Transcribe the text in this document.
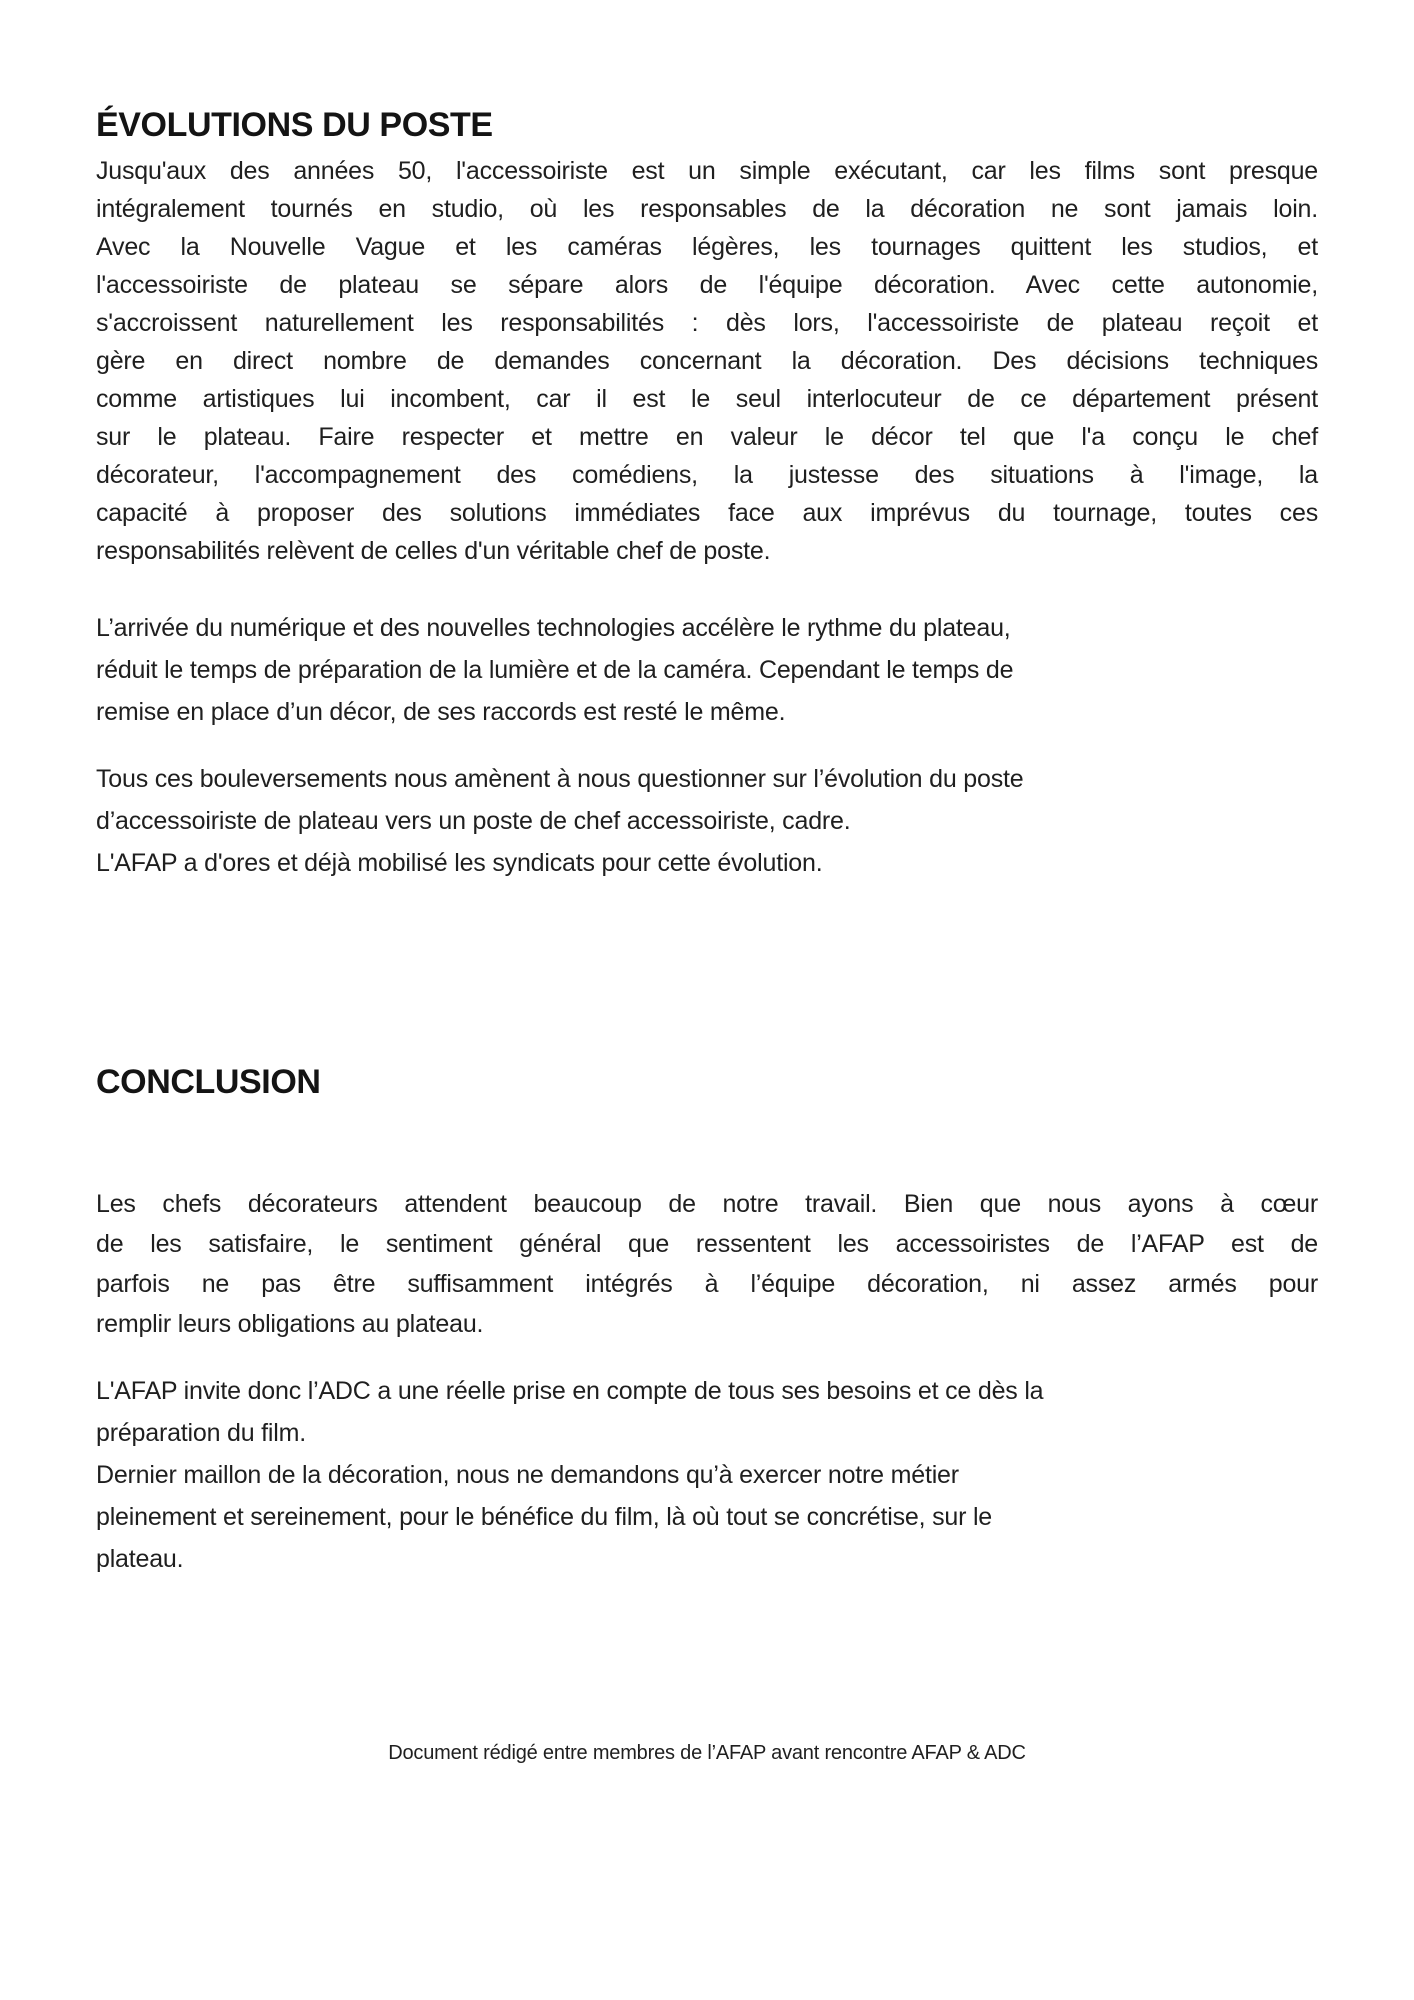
ÉVOLUTIONS DU POSTE
Jusqu'aux des années 50, l'accessoiriste est un simple exécutant, car les films sont presque
intégralement tournés en studio, où les responsables de la décoration ne sont jamais loin.
Avec la Nouvelle Vague et les caméras légères, les tournages quittent les studios, et
l'accessoiriste de plateau se sépare alors de l'équipe décoration. Avec cette autonomie,
s'accroissent naturellement les responsabilités : dès lors, l'accessoiriste de plateau reçoit et
gère en direct nombre de demandes concernant la décoration. Des décisions techniques
comme artistiques lui incombent, car il est le seul interlocuteur de ce département présent
sur le plateau. Faire respecter et mettre en valeur le décor tel que l'a conçu le chef
décorateur, l'accompagnement des comédiens, la justesse des situations à l'image, la
capacité à proposer des solutions immédiates face aux imprévus du tournage, toutes ces
responsabilités relèvent de celles d'un véritable chef de poste.
L’arrivée du numérique et des nouvelles technologies accélère le rythme du plateau,
réduit le temps de préparation de la lumière et de la caméra. Cependant le temps de
remise en place d’un décor, de ses raccords est resté le même.
Tous ces bouleversements nous amènent à nous questionner sur l’évolution du poste
d’accessoiriste de plateau vers un poste de chef accessoiriste, cadre.
L'AFAP a d'ores et déjà mobilisé les syndicats pour cette évolution.
CONCLUSION
Les chefs décorateurs attendent beaucoup de notre travail. Bien que nous ayons à cœur
de les satisfaire, le sentiment général que ressentent les accessoiristes de l’AFAP est de
parfois ne pas être suffisamment intégrés à l’équipe décoration, ni assez armés pour
remplir leurs obligations au plateau.
L'AFAP invite donc l’ADC a une réelle prise en compte de tous ses besoins et ce dès la
préparation du film.
Dernier maillon de la décoration, nous ne demandons qu’à exercer notre métier
pleinement et sereinement, pour le bénéfice du film, là où tout se concrétise, sur le
plateau.
Document rédigé entre membres de l’AFAP avant rencontre AFAP & ADC
